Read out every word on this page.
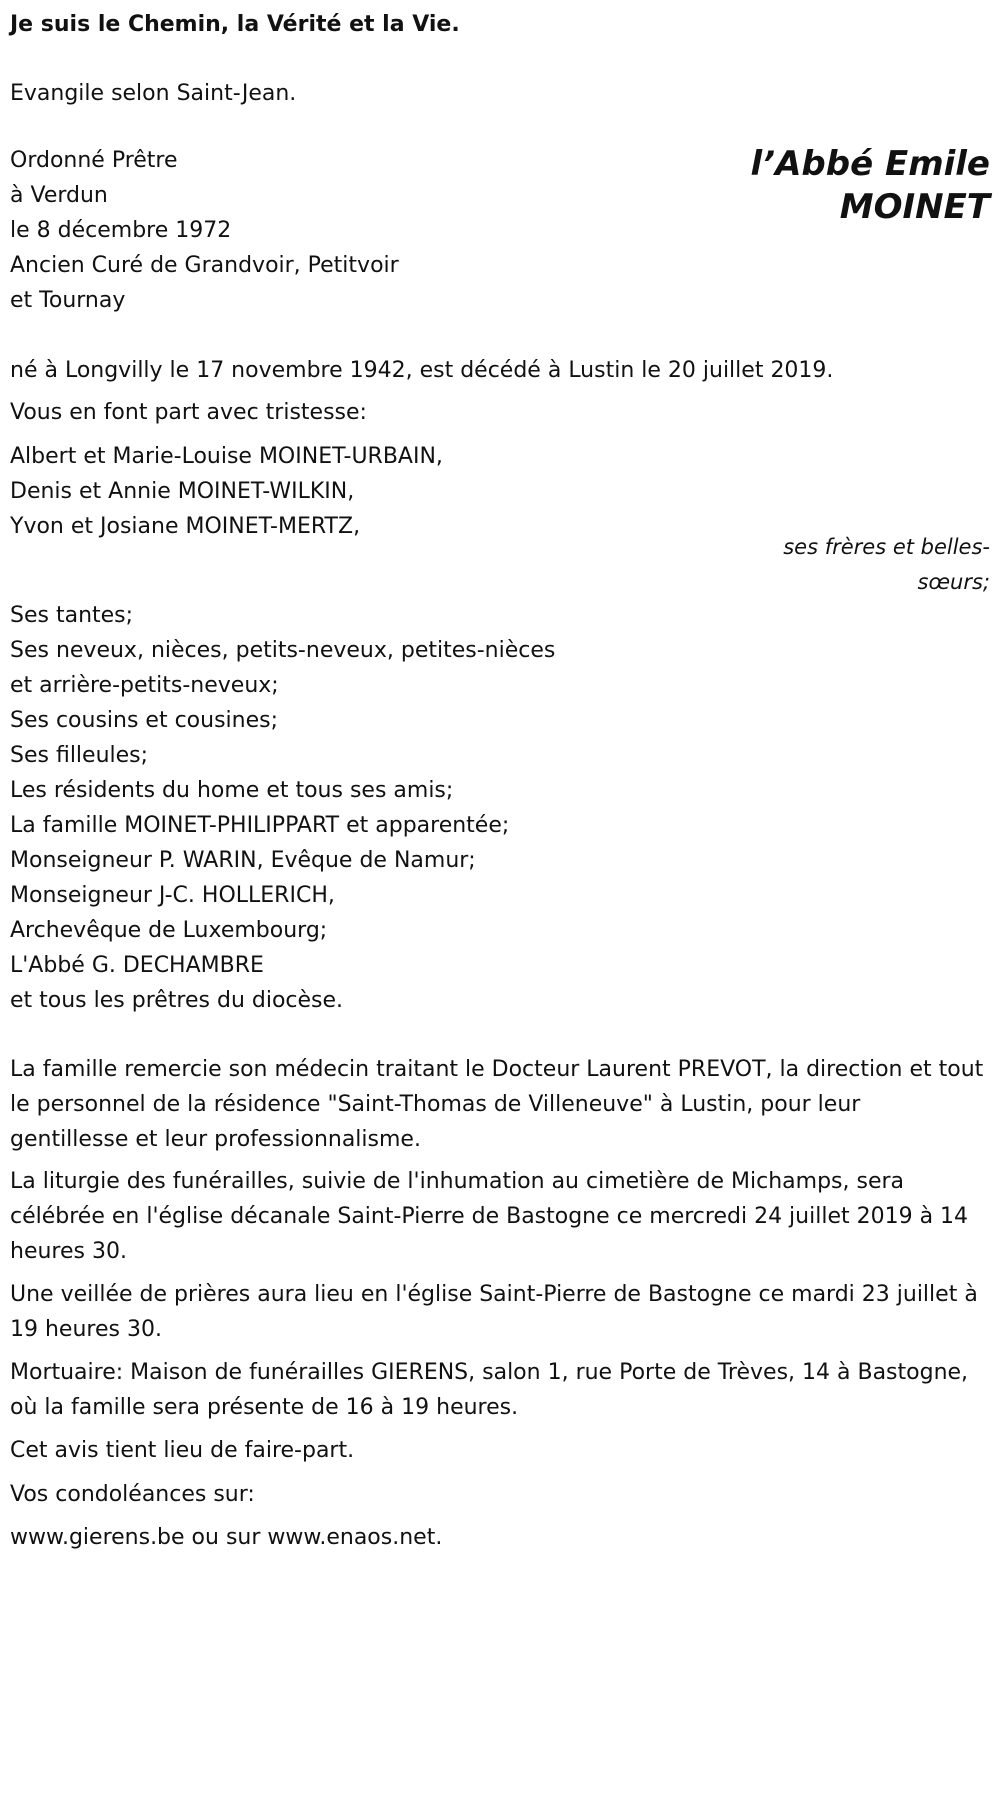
Je suis le Chemin, la Vérité et la Vie.
Evangile selon Saint-Jean.
Ordonné Prêtre
à Verdun
le 8 décembre 1972
Ancien Curé de Grandvoir, Petitvoir
et Tournay
l’Abbé Emile
MOINET
né à Longvilly le 17 novembre 1942, est décédé à Lustin le 20 juillet 2019.
Vous en font part avec tristesse:
Albert et Marie-Louise MOINET-URBAIN,
Denis et Annie MOINET-WILKIN,
Yvon et Josiane MOINET-MERTZ,
ses frères et belles-
sœurs;
Ses tantes;
Ses neveux, nièces, petits-neveux, petites-nièces
et arrière-petits-neveux;
Ses cousins et cousines;
Ses filleules;
Les résidents du home et tous ses amis;
La famille MOINET-PHILIPPART et apparentée;
Monseigneur P. WARIN, Evêque de Namur;
Monseigneur J-C. HOLLERICH,
Archevêque de Luxembourg;
L'Abbé G. DECHAMBRE
et tous les prêtres du diocèse.

La famille remercie son médecin traitant le Docteur Laurent PREVOT, la direction et tout le personnel de la résidence "Saint-Thomas de Villeneuve" à Lustin, pour leur gentillesse et leur professionnalisme.

La liturgie des funérailles, suivie de l'inhumation au cimetière de Michamps, sera célébrée en l'église décanale Saint-Pierre de Bastogne ce mercredi 24 juillet 2019 à 14 heures 30.

Une veillée de prières aura lieu en l'église Saint-Pierre de Bastogne ce mardi 23 juillet à 19 heures 30.

Mortuaire: Maison de funérailles GIERENS, salon 1, rue Porte de Trèves, 14 à Bastogne, où la famille sera présente de 16 à 19 heures.

Cet avis tient lieu de faire-part.
Vos condoléances sur:
www.gierens.be ou sur www.enaos.net.
